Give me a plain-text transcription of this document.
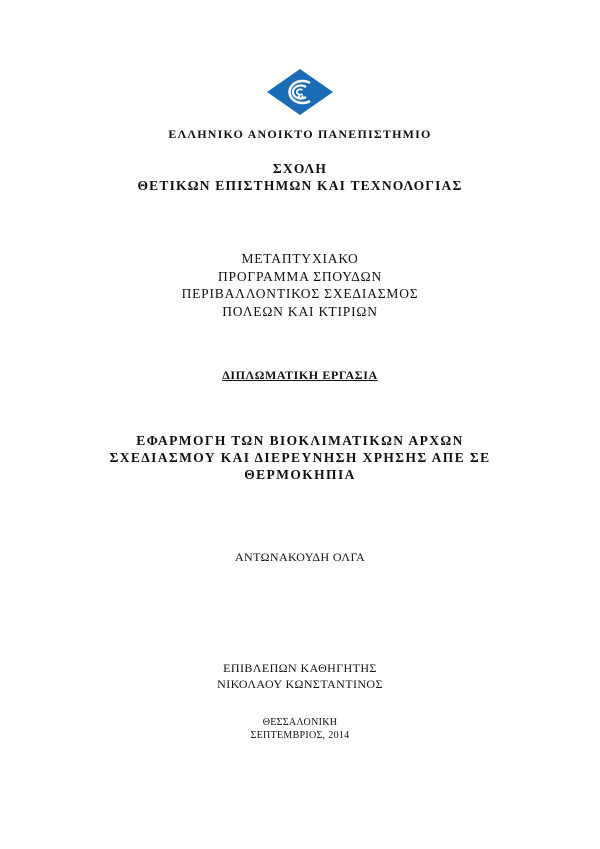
ΕΛΛΗΝΙΚΟ ΑΝΟΙΚΤΟ ΠΑΝΕΠΙΣΤΗΜΙΟ
ΣΧΟΛΗ
ΘΕΤΙΚΩΝ ΕΠΙΣΤΗΜΩΝ ΚΑΙ ΤΕΧΝΟΛΟΓΙΑΣ
ΜΕΤΑΠΤΥΧΙΑΚΟ
ΠΡΟΓΡΑΜΜΑ ΣΠΟΥΔΩΝ
ΠΕΡΙΒΑΛΛΟΝΤΙΚΟΣ ΣΧΕΔΙΑΣΜΟΣ
ΠΟΛΕΩΝ ΚΑΙ ΚΤΙΡΙΩΝ
ΔΙΠΛΩΜΑΤΙΚΗ ΕΡΓΑΣΙΑ
ΕΦΑΡΜΟΓΗ ΤΩΝ ΒΙΟΚΛΙΜΑΤΙΚΩΝ ΑΡΧΩΝ
ΣΧΕΔΙΑΣΜΟΥ ΚΑΙ ΔΙΕΡΕΥΝΗΣΗ ΧΡΗΣΗΣ ΑΠΕ ΣΕ
ΘΕΡΜΟΚΗΠΙΑ
ΑΝΤΩΝΑΚΟΥΔΗ ΟΛΓΑ
ΕΠΙΒΛΕΠΩΝ ΚΑΘΗΓΗΤΗΣ
ΝΙΚΟΛΑΟΥ ΚΩΝΣΤΑΝΤΙΝΟΣ
ΘΕΣΣΑΛΟΝΙΚΗ
ΣΕΠΤΕΜΒΡΙΟΣ, 2014
